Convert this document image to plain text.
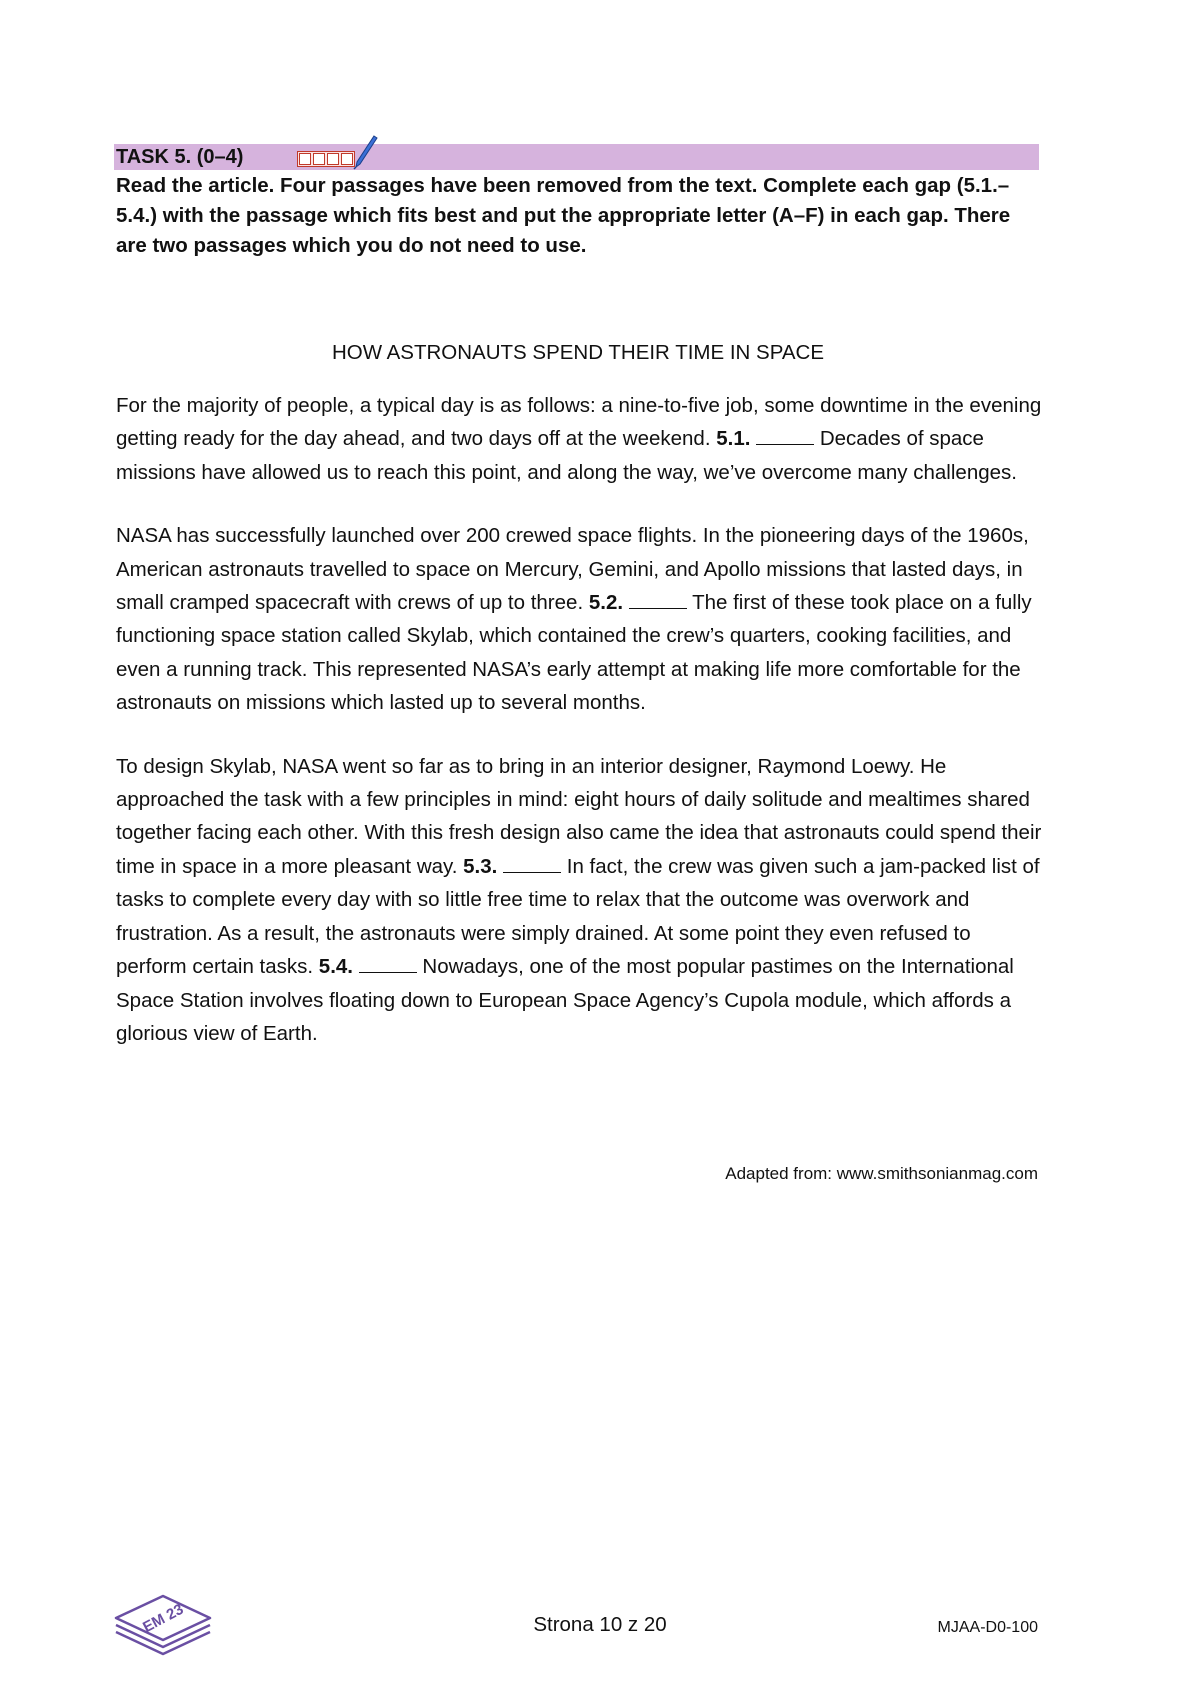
TASK 5. (0–4)
Read the article. Four passages have been removed from the text. Complete each gap (5.1.–5.4.) with the passage which fits best and put the appropriate letter (A–F) in each gap. There are two passages which you do not need to use.
HOW ASTRONAUTS SPEND THEIR TIME IN SPACE

For the majority of people, a typical day is as follows: a nine-to-five job, some downtime in the evening getting ready for the day ahead, and two days off at the weekend. 5.1.	Decades of space missions have allowed us to reach this point, and along the way, we’ve overcome many challenges.

NASA has successfully launched over 200 crewed space flights. In the pioneering days of the 1960s, American astronauts travelled to space on Mercury, Gemini, and Apollo missions that lasted days, in small cramped spacecraft with crews of up to three. 5.2.	The first of these took place on a fully functioning space station called Skylab, which contained the crew’s quarters, cooking facilities, and even a running track. This represented NASA’s early attempt at making life more comfortable for the astronauts on missions which lasted up to several months.

To design Skylab, NASA went so far as to bring in an interior designer, Raymond Loewy. He approached the task with a few principles in mind: eight hours of daily solitude and mealtimes shared together facing each other. With this fresh design also came the idea that astronauts could spend their time in space in a more pleasant way. 5.3.	In fact, the crew was given such a jam-packed list of tasks to complete every day with so little free time to relax that the outcome was overwork and frustration. As a result, the astronauts were simply drained. At some point they even refused to perform certain tasks. 5.4.	Nowadays, one of the most popular pastimes on the International Space Station involves floating down to European Space Agency’s Cupola module, which affords a glorious view of Earth.

Adapted from: www.smithsonianmag.com
EM 23	Strona 10 z 20	MJAA-D0-100
